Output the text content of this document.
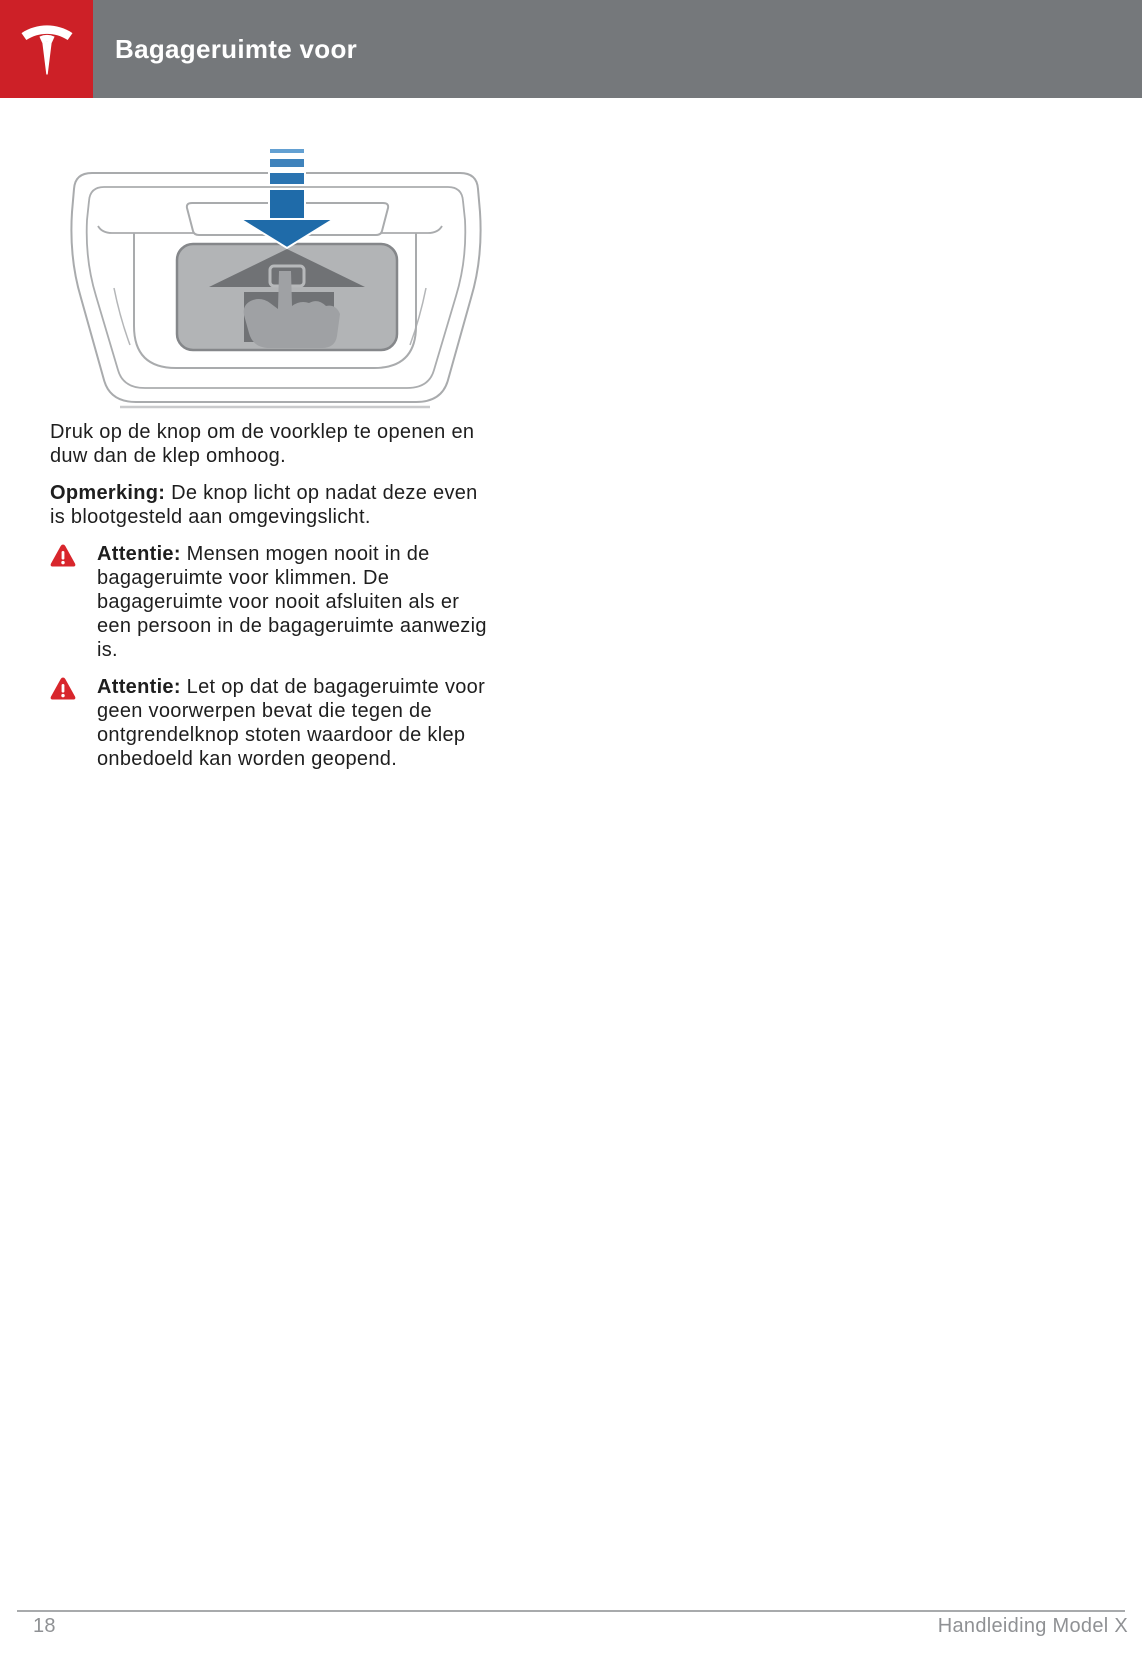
Bagageruimte voor

Druk op de knop om de voorklep te openen en duw dan de klep omhoog.

Opmerking: De knop licht op nadat deze even is blootgesteld aan omgevingslicht.

Attentie: Mensen mogen nooit in de bagageruimte voor klimmen. De bagageruimte voor nooit afsluiten als er een persoon in de bagageruimte aanwezig is.
Attentie: Let op dat de bagageruimte voor geen voorwerpen bevat die tegen de ontgrendelknop stoten waardoor de klep onbedoeld kan worden geopend.
18	Handleiding Model X
